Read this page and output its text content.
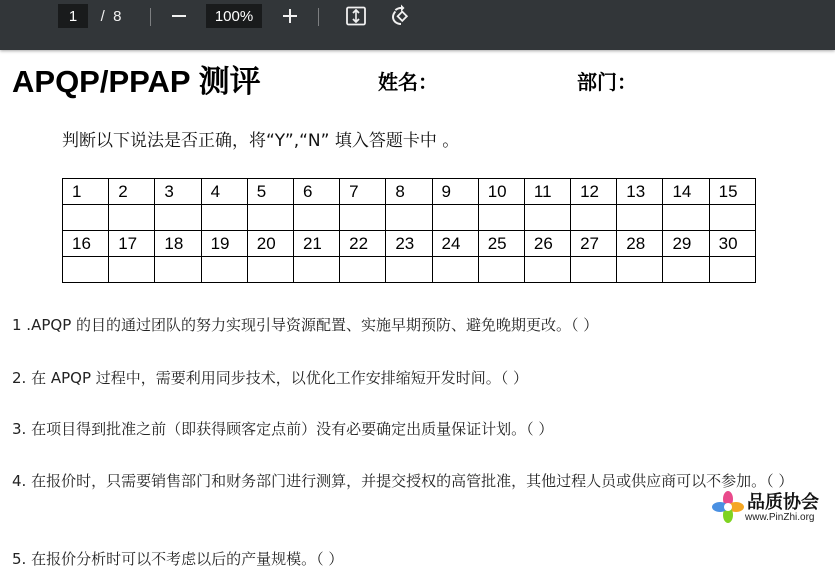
1	/  8	100%
APQP/PPAP 测评	姓名：	部门：
判断以下说法是否正确，将“Y”,“N” 填入答题卡中 。
1	2	3	4	5	6	7	8	9	10	11	12	13	14	15

16	17	18	19	20	21	22	23	24	25	26	27	28	29	30

1 .APQP 的目的通过团队的努力实现引导资源配置、实施早期预防、避免晚期更改。（ ）
2. 在 APQP 过程中，需要利用同步技术，以优化工作安排缩短开发时间。（ ）
3. 在项目得到批准之前（即获得顾客定点前）没有必要确定出质量保证计划。（ ）
4. 在报价时，只需要销售部门和财务部门进行测算，并提交授权的高管批准，其他过程人员或供应商可以不参加。（ ）
5. 在报价分析时可以不考虑以后的产量规模。（ ）
品质协会
www.PinZhi.org
